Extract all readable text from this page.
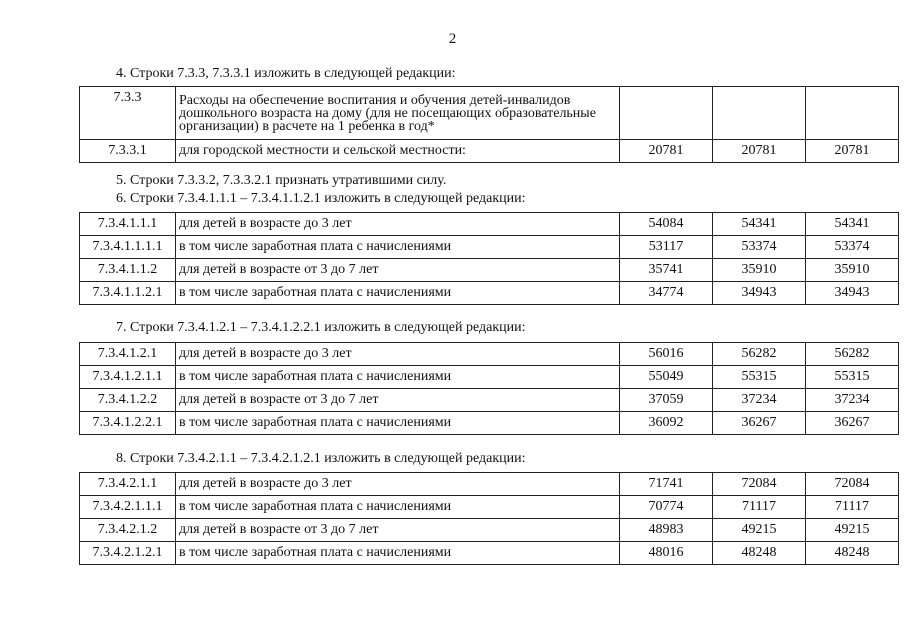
2
4. Строки 7.3.3, 7.3.3.1 изложить в следующей редакции:
7.3.3	Расходы на обеспечение воспитания и обучения детей-инвалидов дошкольного возраста на дому (для не посещающих образовательные организации) в расчете на 1 ребенка в год*			
7.3.3.1	для городской местности и сельской местности:	20781	20781	20781
5. Строки 7.3.3.2, 7.3.3.2.1 признать утратившими силу.
6. Строки 7.3.4.1.1.1 – 7.3.4.1.1.2.1 изложить в следующей редакции:
7.3.4.1.1.1	для детей в возрасте до 3 лет	54084	54341	54341
7.3.4.1.1.1.1	в том числе заработная плата с начислениями	53117	53374	53374
7.3.4.1.1.2	для детей в возрасте от 3 до 7 лет	35741	35910	35910
7.3.4.1.1.2.1	в том числе заработная плата с начислениями	34774	34943	34943
7. Строки 7.3.4.1.2.1 – 7.3.4.1.2.2.1 изложить в следующей редакции:
7.3.4.1.2.1	для детей в возрасте до 3 лет	56016	56282	56282
7.3.4.1.2.1.1	в том числе заработная плата с начислениями	55049	55315	55315
7.3.4.1.2.2	для детей в возрасте от 3 до 7 лет	37059	37234	37234
7.3.4.1.2.2.1	в том числе заработная плата с начислениями	36092	36267	36267
8. Строки 7.3.4.2.1.1 – 7.3.4.2.1.2.1 изложить в следующей редакции:
7.3.4.2.1.1	для детей в возрасте до 3 лет	71741	72084	72084
7.3.4.2.1.1.1	в том числе заработная плата с начислениями	70774	71117	71117
7.3.4.2.1.2	для детей в возрасте от 3 до 7 лет	48983	49215	49215
7.3.4.2.1.2.1	в том числе заработная плата с начислениями	48016	48248	48248
